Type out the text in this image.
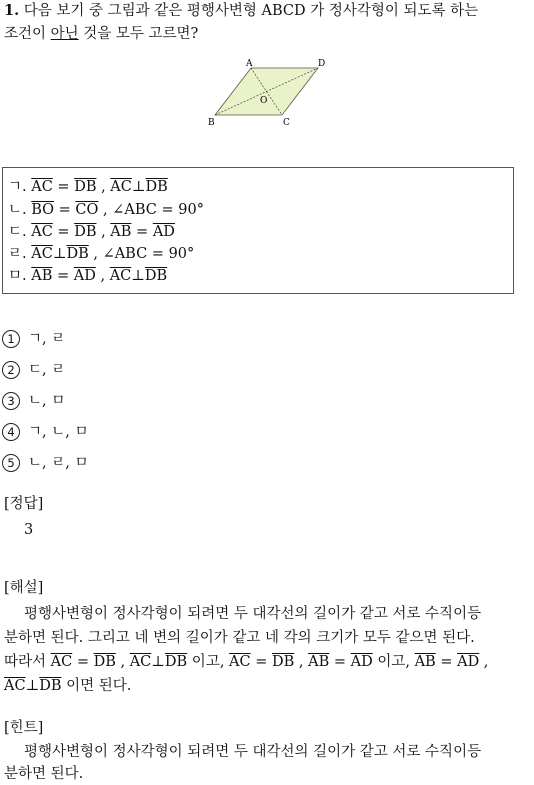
1. 다음 보기 중 그림과 같은 평행사변형 ABCD 가 정사각형이 되도록 하는
조건이 아닌 것을 모두 고르면?
A	D
B	C
O
ㄱ. $\overline{AC} = \overline{DB}$ , $\overline{AC}\perp\overline{DB}$
ㄴ. $\overline{BO} = \overline{CO}$ , ∠ABC = 90°
ㄷ. $\overline{AC} = \overline{DB}$ , $\overline{AB} = \overline{AD}$
ㄹ. $\overline{AC}\perp\overline{DB}$ , ∠ABC = 90°
ㅁ. $\overline{AB} = \overline{AD}$ , $\overline{AC}\perp\overline{DB}$
1 ㄱ, ㄹ
2 ㄷ, ㄹ
3 ㄴ, ㅁ
4 ㄱ, ㄴ, ㅁ
5 ㄴ, ㄹ, ㅁ
[정답]
3
[해설]
평행사변형이 정사각형이 되려면 두 대각선의 길이가 같고 서로 수직이등
분하면 된다. 그리고 네 변의 길이가 같고 네 각의 크기가 모두 같으면 된다.
따라서 $\overline{AC} = \overline{DB}$ , $\overline{AC}\perp\overline{DB}$ 이고, $\overline{AC} = \overline{DB}$ , $\overline{AB} = \overline{AD}$ 이고, $\overline{AB} = \overline{AD}$ ,
$\overline{AC}\perp\overline{DB}$ 이면 된다.
[힌트]
평행사변형이 정사각형이 되려면 두 대각선의 길이가 같고 서로 수직이등
분하면 된다.
